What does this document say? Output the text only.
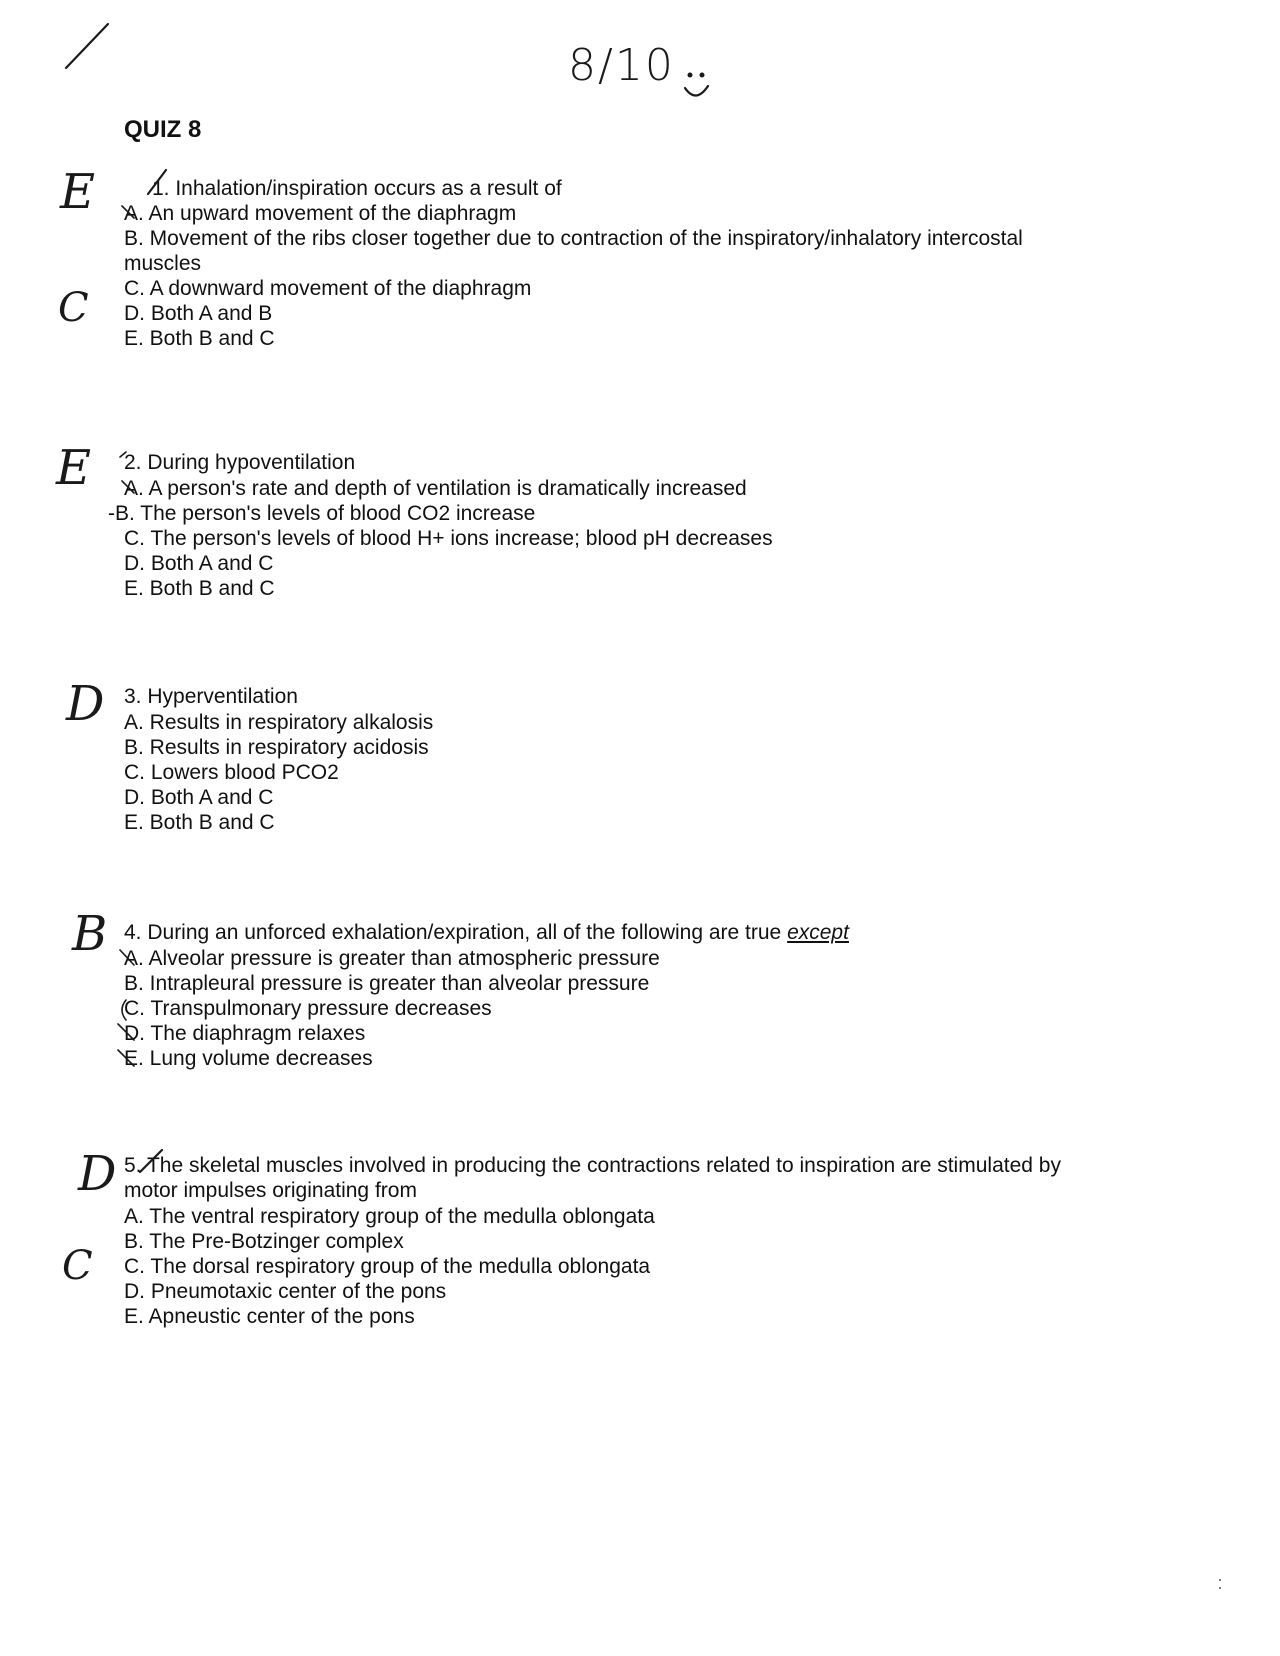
8/10
QUIZ 8
1. Inhalation/inspiration occurs as a result of
A. An upward movement of the diaphragm
B. Movement of the ribs closer together due to contraction of the inspiratory/inhalatory intercostal
muscles
C. A downward movement of the diaphragm
D. Both A and B
E. Both B and C
2. During hypoventilation
A. A person's rate and depth of ventilation is dramatically increased
-B. The person's levels of blood CO2 increase
C. The person's levels of blood H+ ions increase; blood pH decreases
D. Both A and C
E. Both B and C
3. Hyperventilation
A. Results in respiratory alkalosis
B. Results in respiratory acidosis
C. Lowers blood PCO2
D. Both A and C
E. Both B and C
4. During an unforced exhalation/expiration, all of the following are true except
A. Alveolar pressure is greater than atmospheric pressure
B. Intrapleural pressure is greater than alveolar pressure
C. Transpulmonary pressure decreases
D. The diaphragm relaxes
E. Lung volume decreases
5. The skeletal muscles involved in producing the contractions related to inspiration are stimulated by
motor impulses originating from
A. The ventral respiratory group of the medulla oblongata
B. The Pre-Botzinger complex
C. The dorsal respiratory group of the medulla oblongata
D. Pneumotaxic center of the pons
E. Apneustic center of the pons
E
C
E
D
B
D
C
